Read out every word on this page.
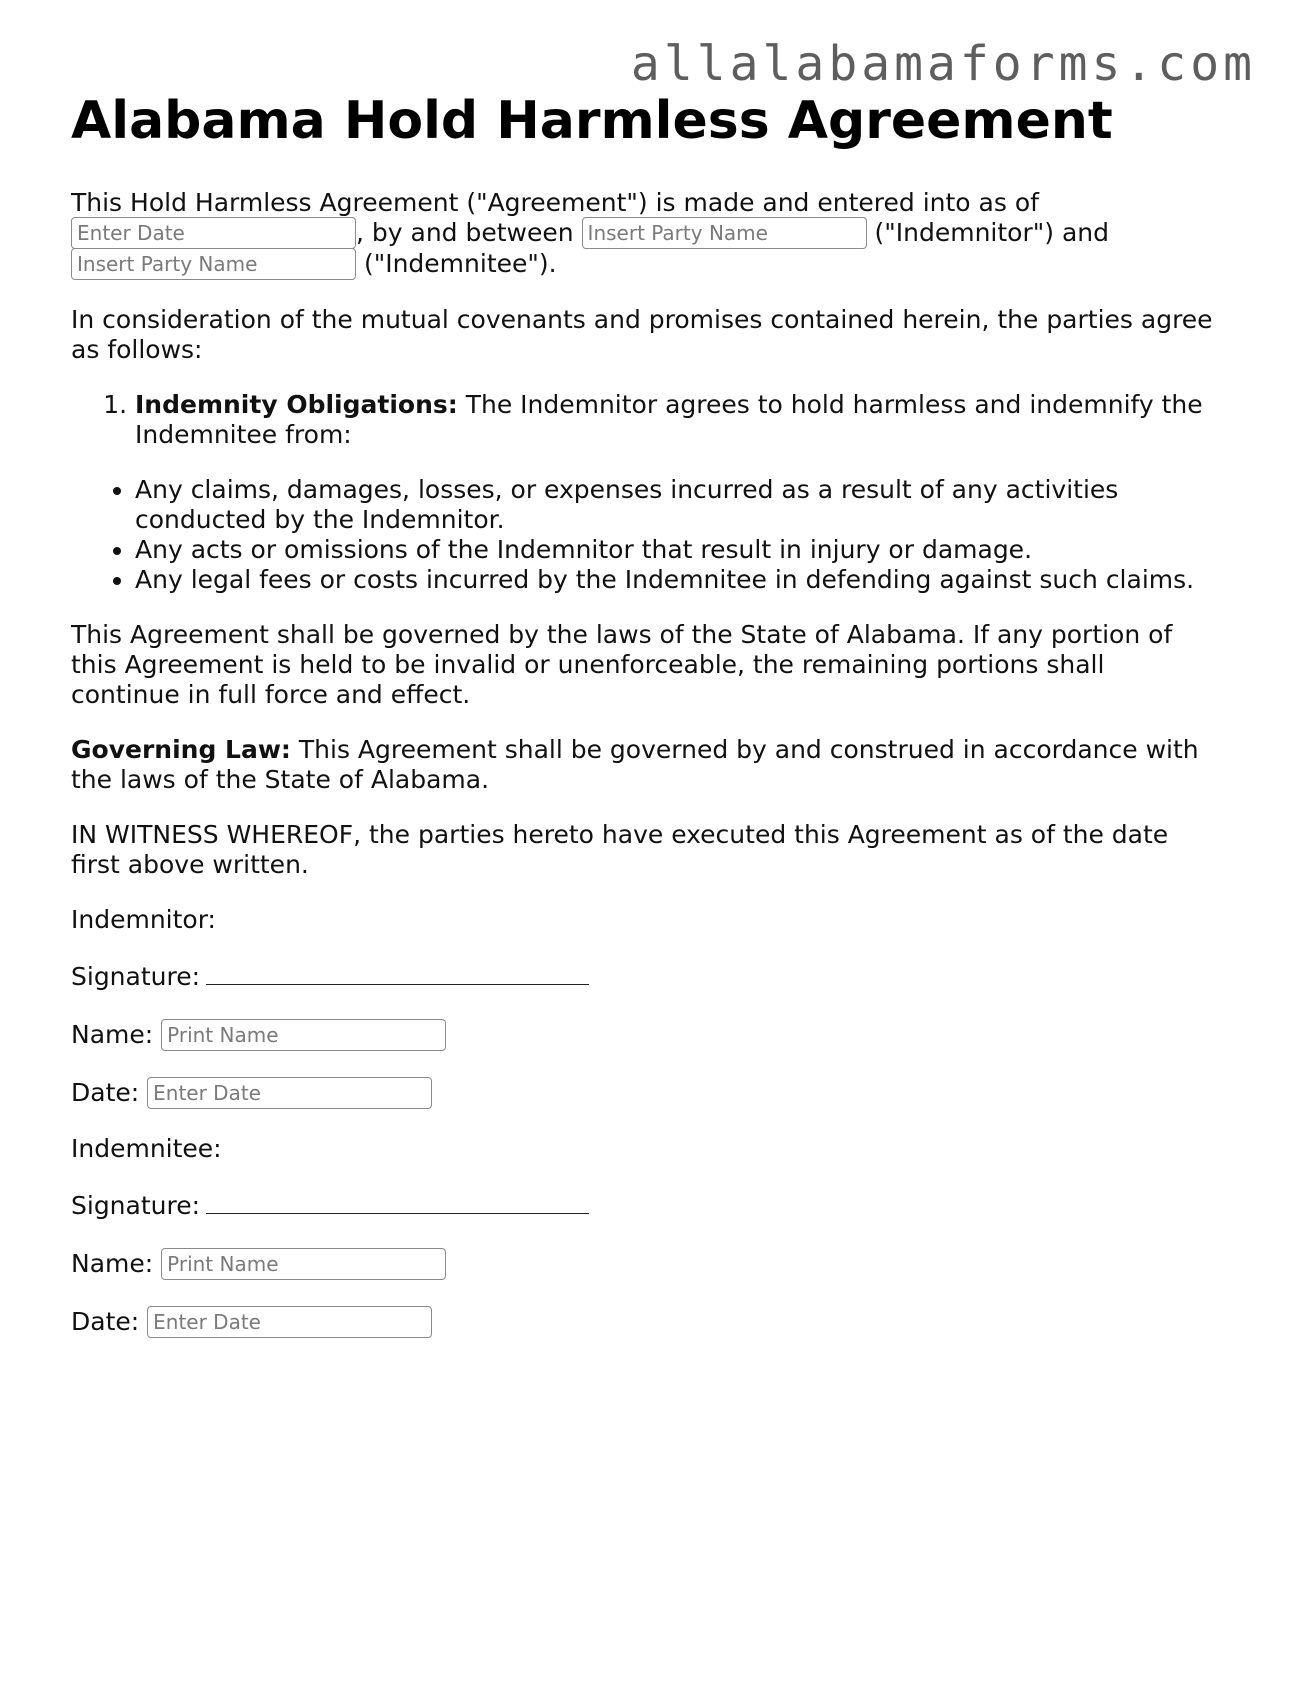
allalabamaforms.com
Alabama Hold Harmless Agreement

This Hold Harmless Agreement ("Agreement") is made and entered into as of
Enter Date, by and between Insert Party Name	("Indemnitor") and
Insert Party Name ("Indemnitee").

In consideration of the mutual covenants and promises contained herein, the parties agree as follows:

1. Indemnity Obligations: The Indemnitor agrees to hold harmless and indemnify the Indemnitee from:
• Any claims, damages, losses, or expenses incurred as a result of any activities conducted by the Indemnitor.
• Any acts or omissions of the Indemnitor that result in injury or damage.
• Any legal fees or costs incurred by the Indemnitee in defending against such claims.

This Agreement shall be governed by the laws of the State of Alabama. If any portion of this Agreement is held to be invalid or unenforceable, the remaining portions shall continue in full force and effect.

Governing Law: This Agreement shall be governed by and construed in accordance with the laws of the State of Alabama.

IN WITNESS WHEREOF, the parties hereto have executed this Agreement as of the date first above written.

Indemnitor:

Signature:
Name: Print Name
Date: Enter Date

Indemnitee:

Signature:
Name: Print Name
Date: Enter Date
